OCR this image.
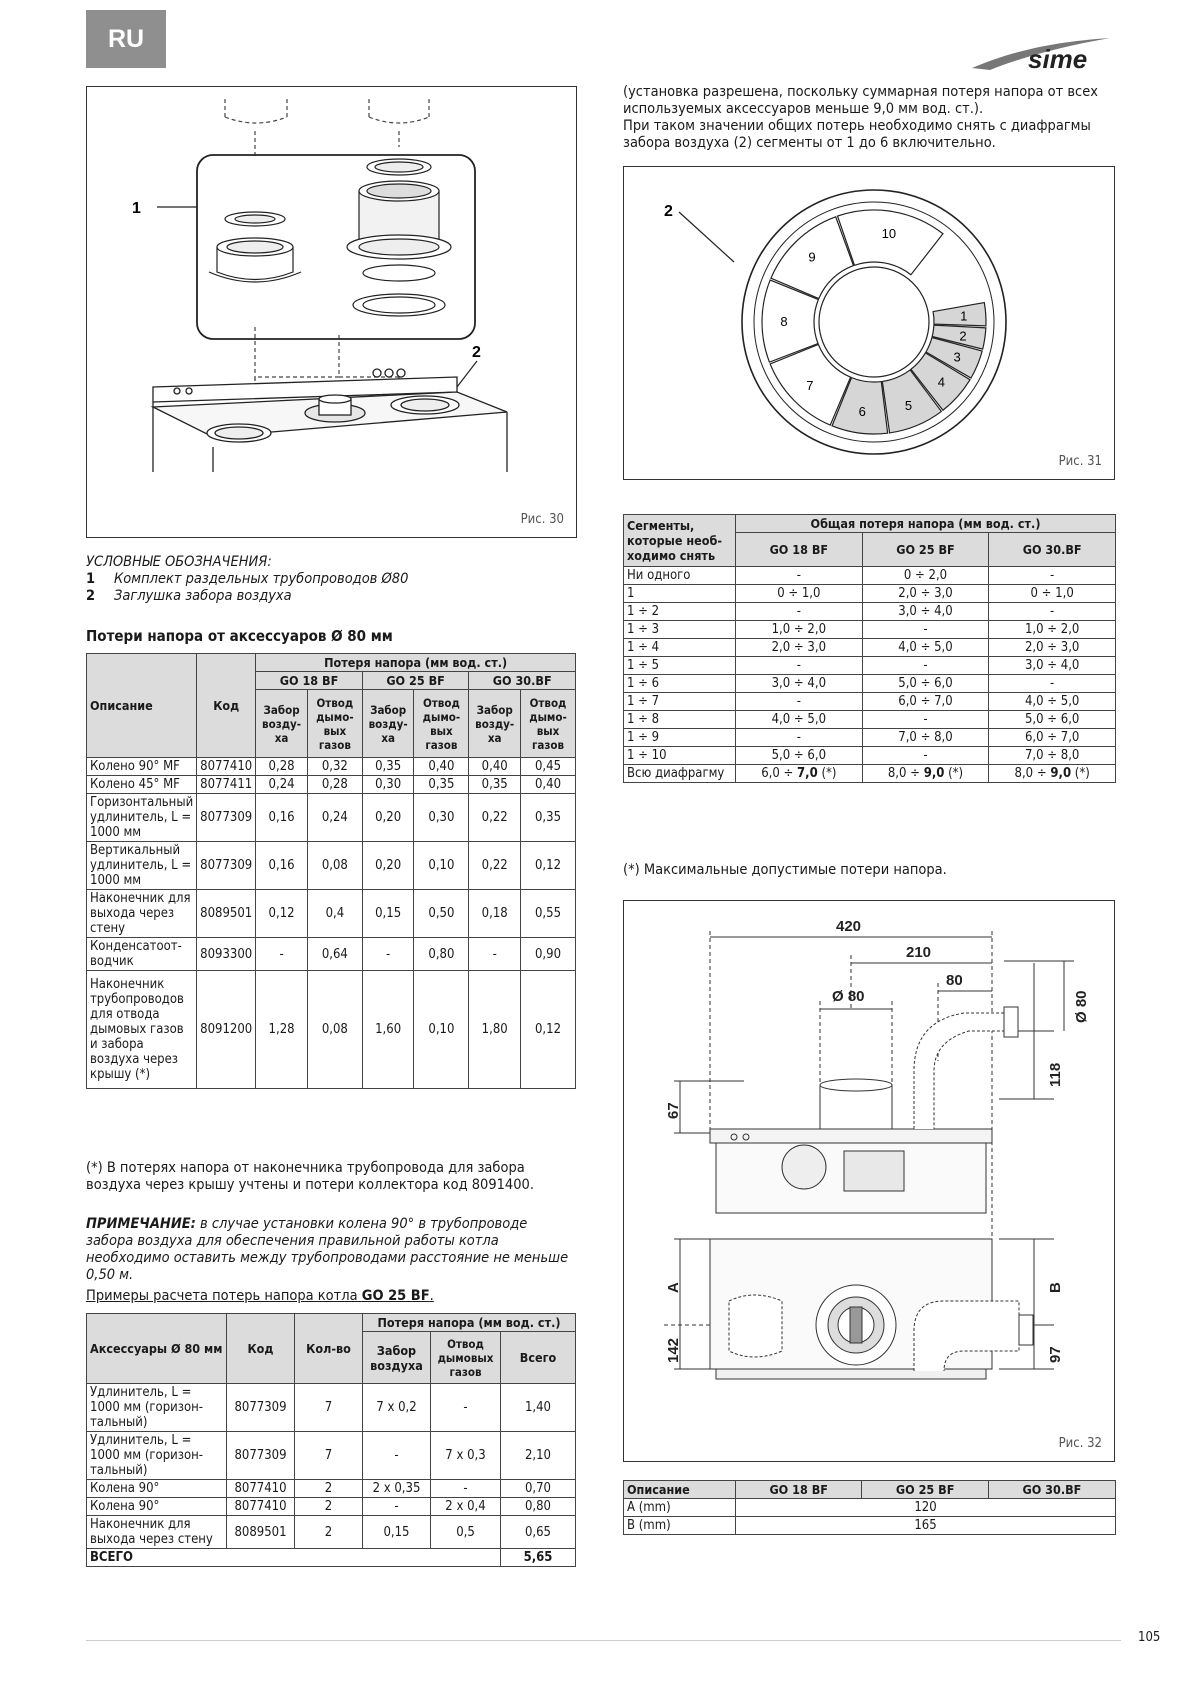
RU
sime
1
2
Рис. 30
УСЛОВНЫЕ ОБОЗНАЧЕНИЯ:
1 Комплект раздельных трубопроводов Ø80
2 Заглушка забора воздуха
Потери напора от аксессуаров Ø 80 мм
Описание	Код	Потеря напора (мм вод. ст.)					
		GO 18 BF		GO 25 BF		GO 30.BF	
		Забор возду-ха	Отвод дымо-вых газов	Забор возду-ха	Отвод дымо-вых газов	Забор возду-ха	Отвод дымо-вых газов
Колено 90° MF	8077410	0,28	0,32	0,35	0,40	0,40	0,45
Колено 45° MF	8077411	0,24	0,28	0,30	0,35	0,35	0,40
Горизонтальный удлинитель, L = 1000 мм	8077309	0,16	0,24	0,20	0,30	0,22	0,35
Вертикальный удлинитель, L = 1000 мм	8077309	0,16	0,08	0,20	0,10	0,22	0,12
Наконечник для выхода через стену	8089501	0,12	0,4	0,15	0,50	0,18	0,55
Конденсатоот-водчик	8093300	-	0,64	-	0,80	-	0,90
Наконечник трубопроводов для отвода дымовых газов и забора воздуха через крышу (*)	8091200	1,28	0,08	1,60	0,10	1,80	0,12
(*) В потерях напора от наконечника трубопровода для забора воздуха через крышу учтены и потери коллектора код 8091400.
ПРИМЕЧАНИЕ: в случае установки колена 90° в трубопроводе забора воздуха для обеспечения правильной работы котла необходимо оставить между трубопроводами расстояние не меньше 0,50 м.
Примеры расчета потерь напора котла GO 25 BF.
Аксессуары Ø 80 мм	Код	Кол-во	Потеря напора (мм вод. ст.)		
			Забор воздуха	Отвод дымовых газов	Всего
Удлинитель, L = 1000 мм (горизон-тальный)	8077309	7	7 x 0,2	-	1,40
Удлинитель, L = 1000 мм (горизон-тальный)	8077309	7	-	7 x 0,3	2,10
Колена 90°	8077410	2	2 x 0,35	-	0,70
Колена 90°	8077410	2	-	2 x 0,4	0,80
Наконечник для выхода через стену	8089501	2	0,15	0,5	0,65
ВСЕГО					5,65
(установка разрешена, поскольку суммарная потеря напора от всех используемых аксессуаров меньше 9,0 мм вод. ст.).
При таком значении общих потерь необходимо снять с диафрагмы забора воздуха (2) сегменты от 1 до 6 включительно.
1
2
3
4
5
6
7
8
9
10
2
Рис. 31
Сегменты, которые необ-ходимо снять	Общая потеря напора (мм вод. ст.)		
	GO 18 BF	GO 25 BF	GO 30.BF
Ни одного	-	0 ÷ 2,0	-
1	0 ÷ 1,0	2,0 ÷ 3,0	0 ÷ 1,0
1 ÷ 2	-	3,0 ÷ 4,0	-
1 ÷ 3	1,0 ÷ 2,0	-	1,0 ÷ 2,0
1 ÷ 4	2,0 ÷ 3,0	4,0 ÷ 5,0	2,0 ÷ 3,0
1 ÷ 5	-	-	3,0 ÷ 4,0
1 ÷ 6	3,0 ÷ 4,0	5,0 ÷ 6,0	-
1 ÷ 7	-	6,0 ÷ 7,0	4,0 ÷ 5,0
1 ÷ 8	4,0 ÷ 5,0	-	5,0 ÷ 6,0
1 ÷ 9	-	7,0 ÷ 8,0	6,0 ÷ 7,0
1 ÷ 10	5,0 ÷ 6,0	-	7,0 ÷ 8,0
Всю диафрагму	6,0 ÷ 7,0 (*)	8,0 ÷ 9,0 (*)	8,0 ÷ 9,0 (*)
(*) Максимальные допустимые потери напора.
420
210
80
Ø 80
118
Ø 80
67
A	B
142	97
Рис. 32
Описание	GO 18 BF	GO 25 BF	GO 30.BF
A (mm)	120		
B (mm)	165		
105
